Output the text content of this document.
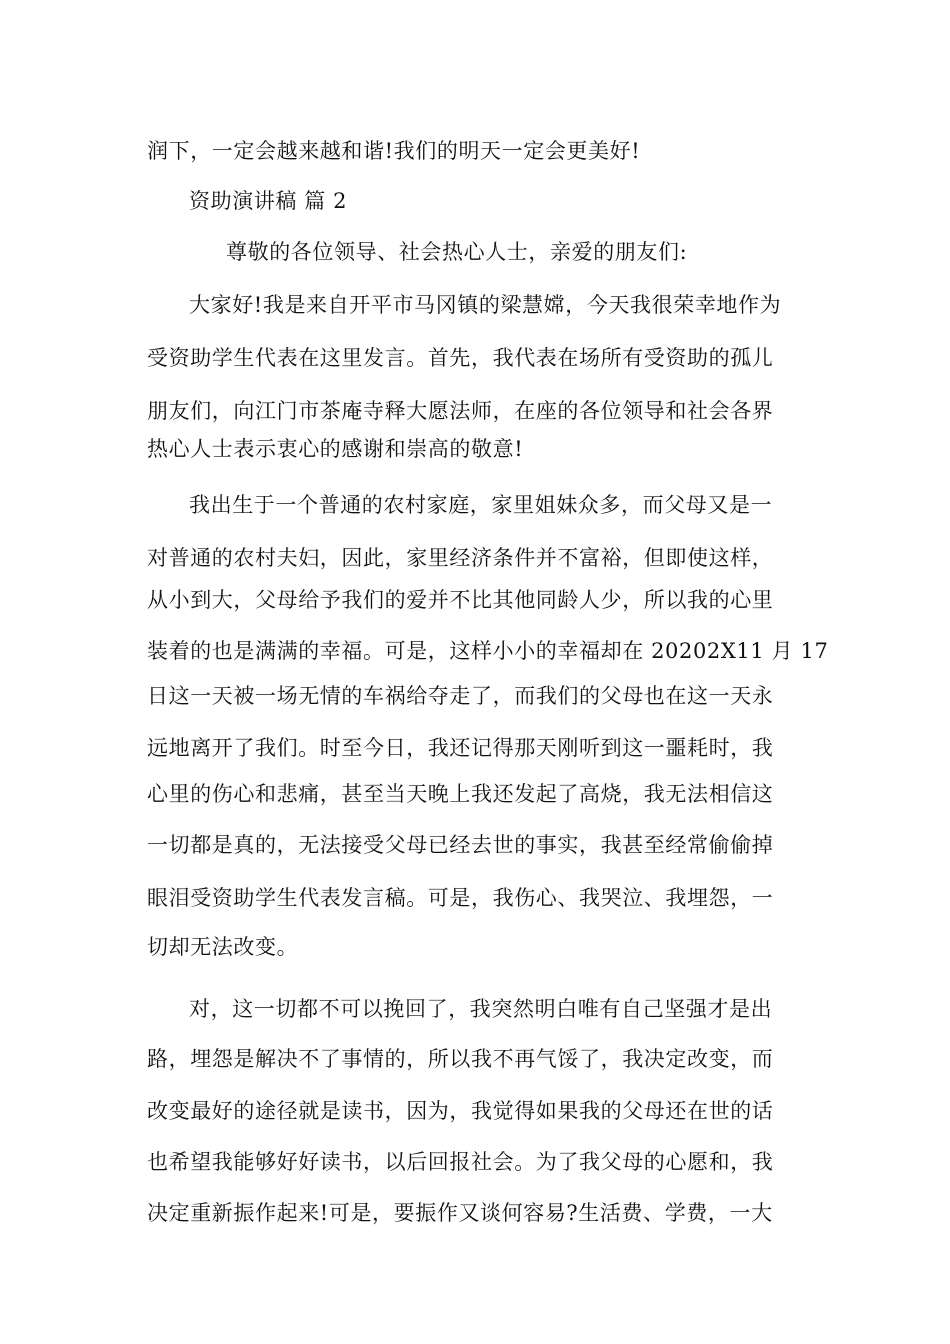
润下，一定会越来越和谐!我们的明天一定会更美好!
资助演讲稿 篇 2
尊敬的各位领导、社会热心人士，亲爱的朋友们:
大家好!我是来自开平市马冈镇的梁慧嫦，今天我很荣幸地作为
受资助学生代表在这里发言。首先，我代表在场所有受资助的孤儿
朋友们，向江门市茶庵寺释大愿法师，在座的各位领导和社会各界
热心人士表示衷心的感谢和崇高的敬意!
我出生于一个普通的农村家庭，家里姐妹众多，而父母又是一
对普通的农村夫妇，因此，家里经济条件并不富裕，但即使这样，
从小到大，父母给予我们的爱并不比其他同龄人少，所以我的心里
装着的也是满满的幸福。可是，这样小小的幸福却在 20202X11 月 17
日这一天被一场无情的车祸给夺走了，而我们的父母也在这一天永
远地离开了我们。时至今日，我还记得那天刚听到这一噩耗时，我
心里的伤心和悲痛，甚至当天晚上我还发起了高烧，我无法相信这
一切都是真的，无法接受父母已经去世的事实，我甚至经常偷偷掉
眼泪受资助学生代表发言稿。可是，我伤心、我哭泣、我埋怨，一
切却无法改变。
对，这一切都不可以挽回了，我突然明白唯有自己坚强才是出
路，埋怨是解决不了事情的，所以我不再气馁了，我决定改变，而
改变最好的途径就是读书，因为，我觉得如果我的父母还在世的话
也希望我能够好好读书，以后回报社会。为了我父母的心愿和，我
决定重新振作起来!可是，要振作又谈何容易?生活费、学费，一大
